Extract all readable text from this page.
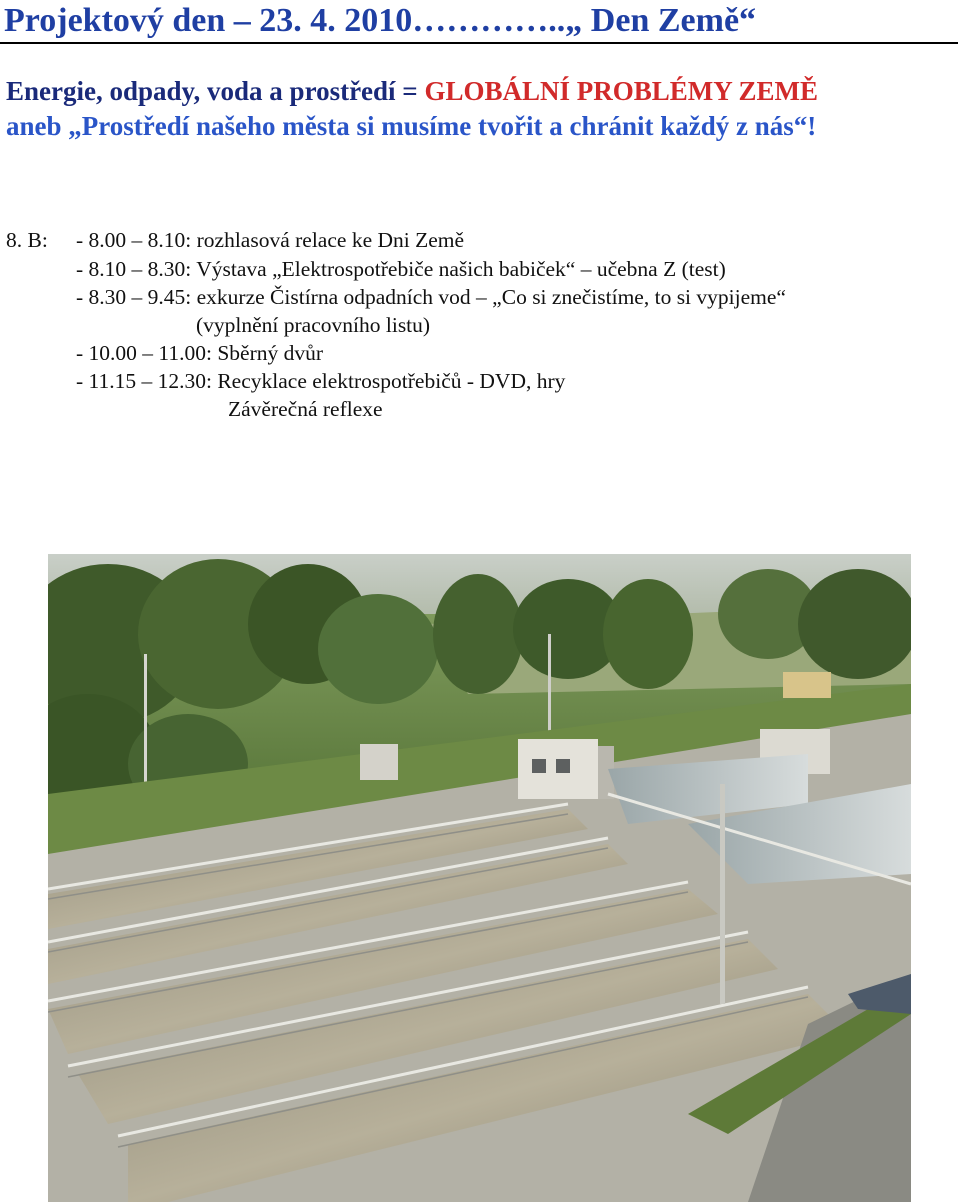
Projektový den – 23. 4. 2010…………..„ Den Země“
Energie, odpady, voda a prostředí = GLOBÁLNÍ PROBLÉMY ZEMĚ
aneb „Prostředí našeho města si musíme tvořit a chránit každý z nás“!
8. B: - 8.00 – 8.10: rozhlasová relace ke Dni Země
- 8.10 – 8.30: Výstava „Elektrospotřebiče našich babiček“ – učebna Z (test)
- 8.30 – 9.45: exkurze Čistírna odpadních vod – „Co si znečistíme, to si vypijeme“
(vyplnění pracovního listu)
- 10.00 – 11.00: Sběrný dvůr
- 11.15 – 12.30: Recyklace elektrospotřebičů - DVD, hry
Závěrečná reflexe
